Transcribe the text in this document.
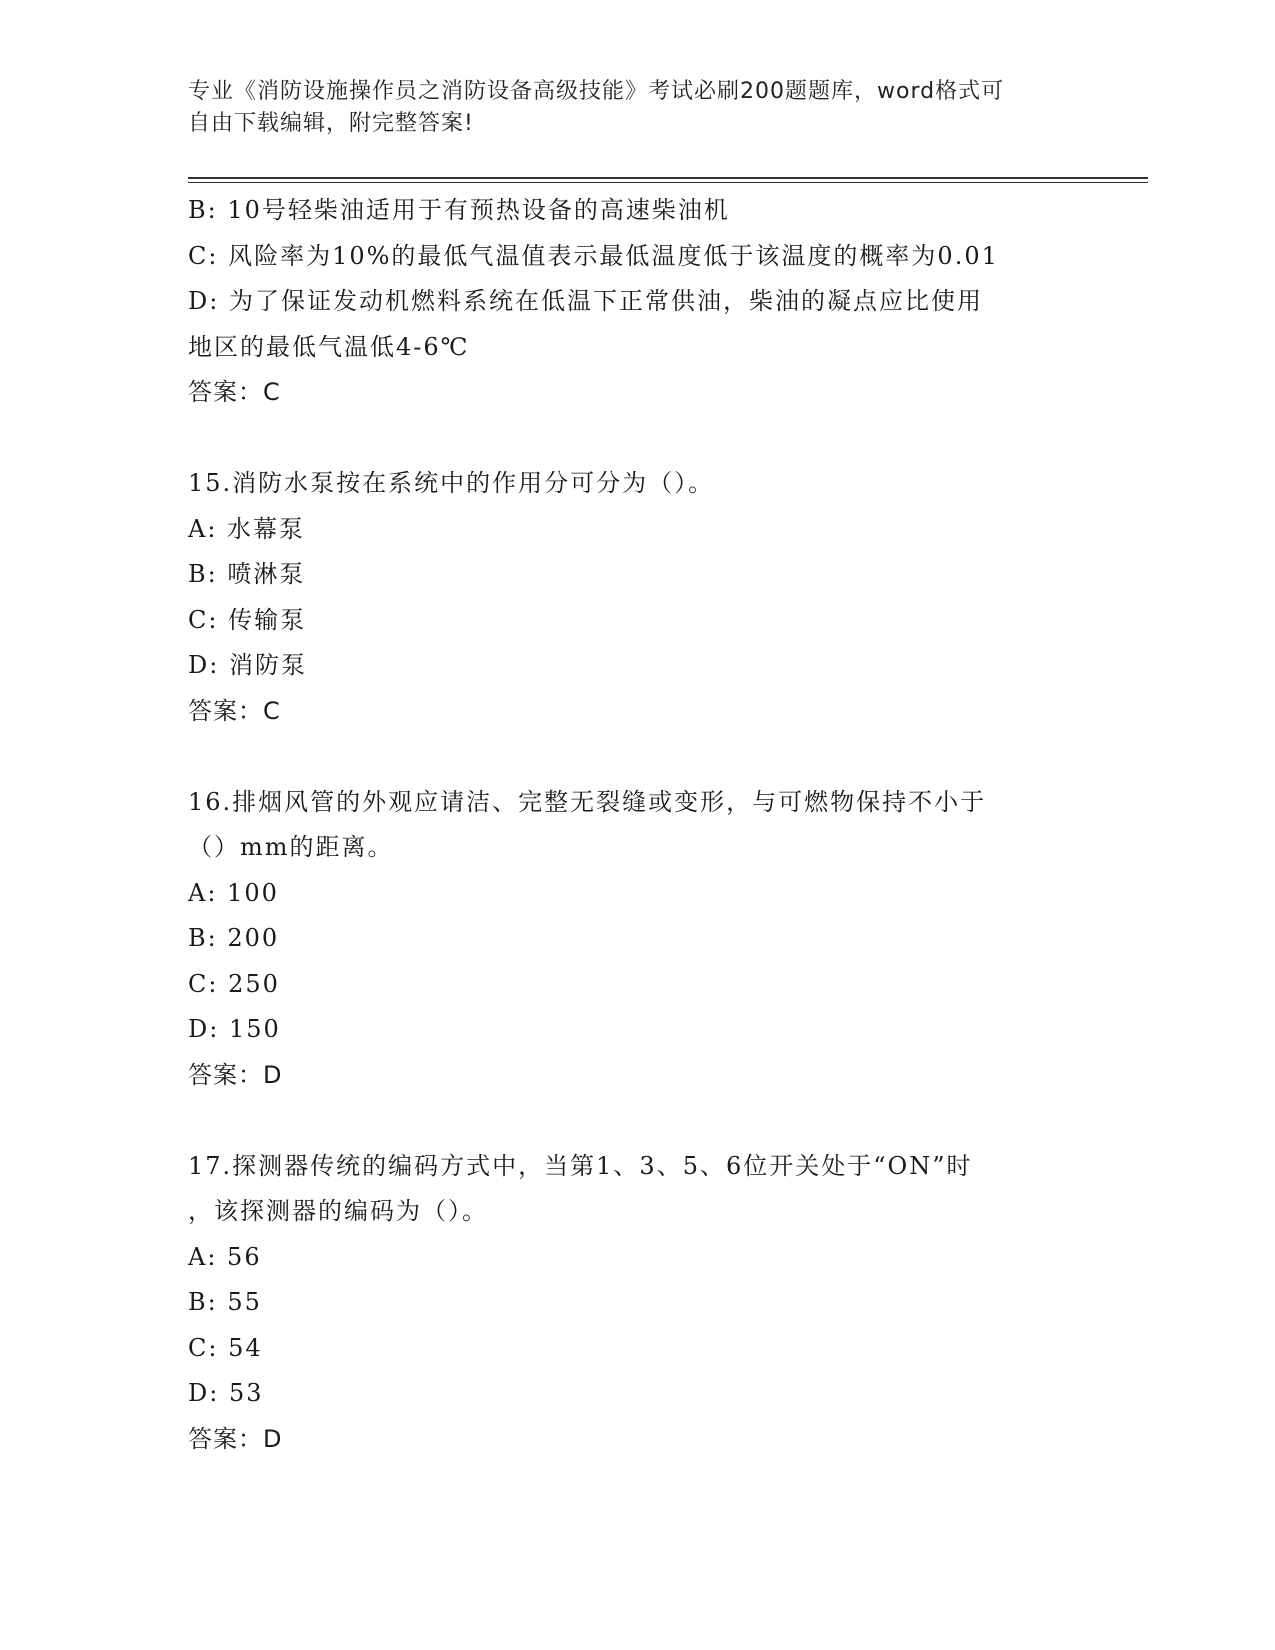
专业《消防设施操作员之消防设备高级技能》考试必刷200题题库，word格式可
自由下载编辑，附完整答案!
B: 10号轻柴油适用于有预热设备的高速柴油机
C: 风险率为10%的最低气温值表示最低温度低于该温度的概率为0.01
D: 为了保证发动机燃料系统在低温下正常供油，柴油的凝点应比使用
地区的最低气温低4-6℃
答案：C
15.消防水泵按在系统中的作用分可分为（）。
A: 水幕泵
B: 喷淋泵
C: 传输泵
D: 消防泵
答案：C
16.排烟风管的外观应请洁、完整无裂缝或变形，与可燃物保持不小于
（）mm的距离。
A: 100
B: 200
C: 250
D: 150
答案：D
17.探测器传统的编码方式中，当第1、3、5、6位开关处于“ON”时
，该探测器的编码为（）。
A: 56
B: 55
C: 54
D: 53
答案：D
